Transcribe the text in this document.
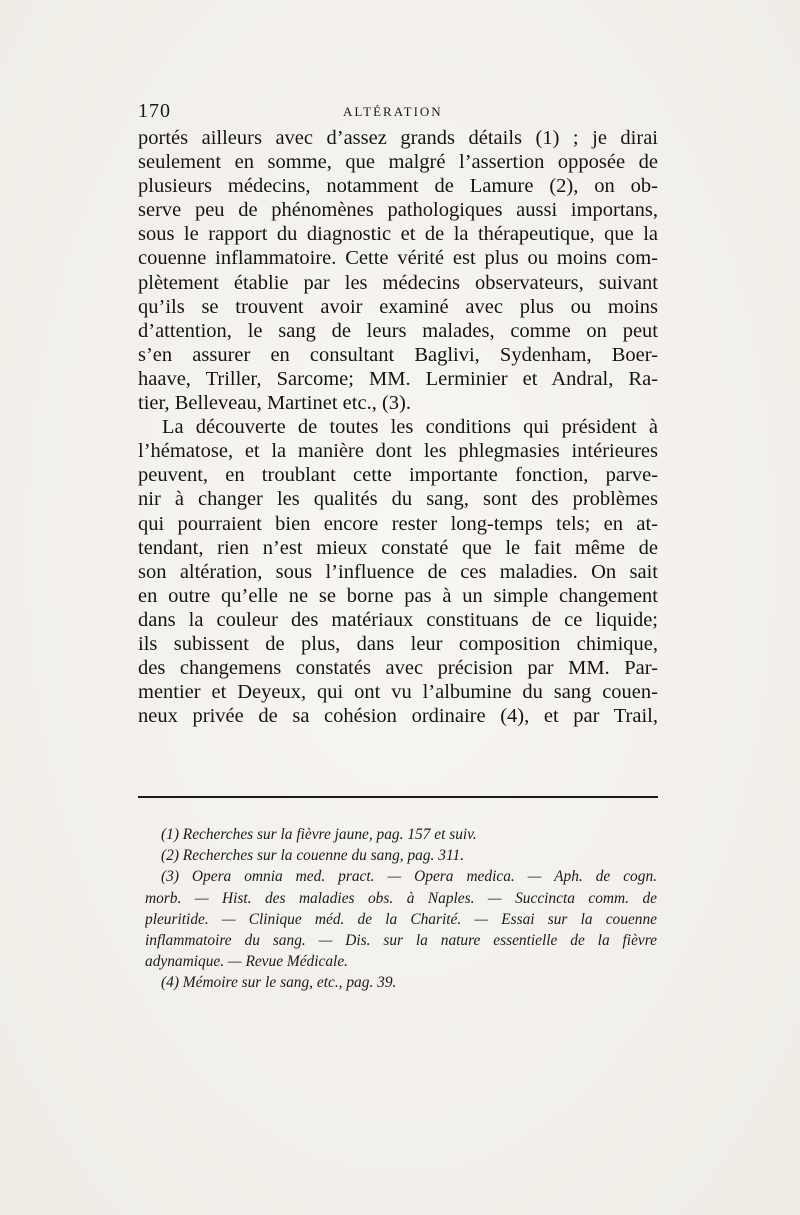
170	ALTÉRATION
portés ailleurs avec d’assez grands détails (1) ; je dirai
seulement en somme, que malgré l’assertion opposée de
plusieurs médecins, notamment de Lamure (2), on ob-
serve peu de phénomènes pathologiques aussi importans,
sous le rapport du diagnostic et de la thérapeutique, que la
couenne inflammatoire. Cette vérité est plus ou moins com-
plètement établie par les médecins observateurs, suivant
qu’ils se trouvent avoir examiné avec plus ou moins
d’attention, le sang de leurs malades, comme on peut
s’en assurer en consultant Baglivi, Sydenham, Boer-
haave, Triller, Sarcome; MM. Lerminier et Andral, Ra-
tier, Belleveau, Martinet etc., (3).
La découverte de toutes les conditions qui président à
l’hématose, et la manière dont les phlegmasies intérieures
peuvent, en troublant cette importante fonction, parve-
nir à changer les qualités du sang, sont des problèmes
qui pourraient bien encore rester long-temps tels; en at-
tendant, rien n’est mieux constaté que le fait même de
son altération, sous l’influence de ces maladies. On sait
en outre qu’elle ne se borne pas à un simple changement
dans la couleur des matériaux constituans de ce liquide;
ils subissent de plus, dans leur composition chimique,
des changemens constatés avec précision par MM. Par-
mentier et Deyeux, qui ont vu l’albumine du sang couen-
neux privée de sa cohésion ordinaire (4), et par Trail,
(1) Recherches sur la fièvre jaune, pag. 157 et suiv.
(2) Recherches sur la couenne du sang, pag. 311.
(3) Opera omnia med. pract. — Opera medica. — Aph. de cogn.
morb. — Hist. des maladies obs. à Naples. — Succincta comm. de
pleuritide. — Clinique méd. de la Charité. — Essai sur la couenne
inflammatoire du sang. — Dis. sur la nature essentielle de la fièvre
adynamique. — Revue Médicale.
(4) Mémoire sur le sang, etc., pag. 39.
